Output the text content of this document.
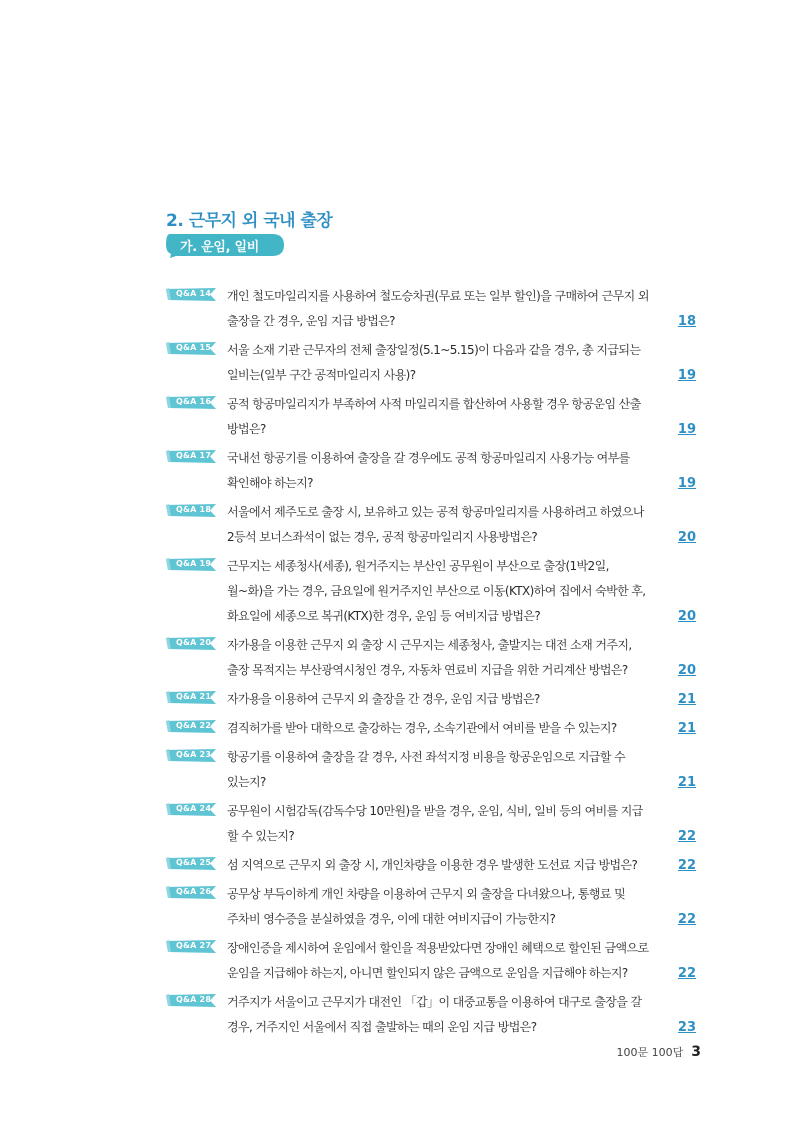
2. 근무지 외 국내 출장
가. 운임, 일비
Q&A 14 개인 철도마일리지를 사용하여 철도승차권(무료 또는 일부 할인)을 구매하여 근무지 외
출장을 간 경우, 운임 지급 방법은?	18
Q&A 15 서울 소재 기관 근무자의 전체 출장일정(5.1~5.15)이 다음과 같을 경우, 총 지급되는
일비는(일부 구간 공적마일리지 사용)?	19
Q&A 16 공적 항공마일리지가 부족하여 사적 마일리지를 합산하여 사용할 경우 항공운임 산출
방법은?	19
Q&A 17 국내선 항공기를 이용하여 출장을 갈 경우에도 공적 항공마일리지 사용가능 여부를
확인해야 하는지?	19
Q&A 18 서울에서 제주도로 출장 시, 보유하고 있는 공적 항공마일리지를 사용하려고 하였으나
2등석 보너스좌석이 없는 경우, 공적 항공마일리지 사용방법은?	20
Q&A 19 근무지는 세종청사(세종), 원거주지는 부산인 공무원이 부산으로 출장(1박2일,
월~화)을 가는 경우, 금요일에 원거주지인 부산으로 이동(KTX)하여 집에서 숙박한 후,
화요일에 세종으로 복귀(KTX)한 경우, 운임 등 여비지급 방법은?	20
Q&A 20 자가용을 이용한 근무지 외 출장 시 근무지는 세종청사, 출발지는 대전 소재 거주지,
출장 목적지는 부산광역시청인 경우, 자동차 연료비 지급을 위한 거리계산 방법은?	20
Q&A 21 자가용을 이용하여 근무지 외 출장을 간 경우, 운임 지급 방법은?	21
Q&A 22 겸직허가를 받아 대학으로 출강하는 경우, 소속기관에서 여비를 받을 수 있는지?	21
Q&A 23 항공기를 이용하여 출장을 갈 경우, 사전 좌석지정 비용을 항공운임으로 지급할 수
있는지?	21
Q&A 24 공무원이 시험감독(감독수당 10만원)을 받을 경우, 운임, 식비, 일비 등의 여비를 지급
할 수 있는지?	22
Q&A 25 섬 지역으로 근무지 외 출장 시, 개인차량을 이용한 경우 발생한 도선료 지급 방법은?	22
Q&A 26 공무상 부득이하게 개인 차량을 이용하여 근무지 외 출장을 다녀왔으나, 통행료 및
주차비 영수증을 분실하였을 경우, 이에 대한 여비지급이 가능한지?	22
Q&A 27 장애인증을 제시하여 운임에서 할인을 적용받았다면 장애인 혜택으로 할인된 금액으로
운임을 지급해야 하는지, 아니면 할인되지 않은 금액으로 운임을 지급해야 하는지?	22
Q&A 28 거주지가 서울이고 근무지가 대전인 「갑」이 대중교통을 이용하여 대구로 출장을 갈
경우, 거주지인 서울에서 직접 출발하는 때의 운임 지급 방법은?	23
100문 100답 3
